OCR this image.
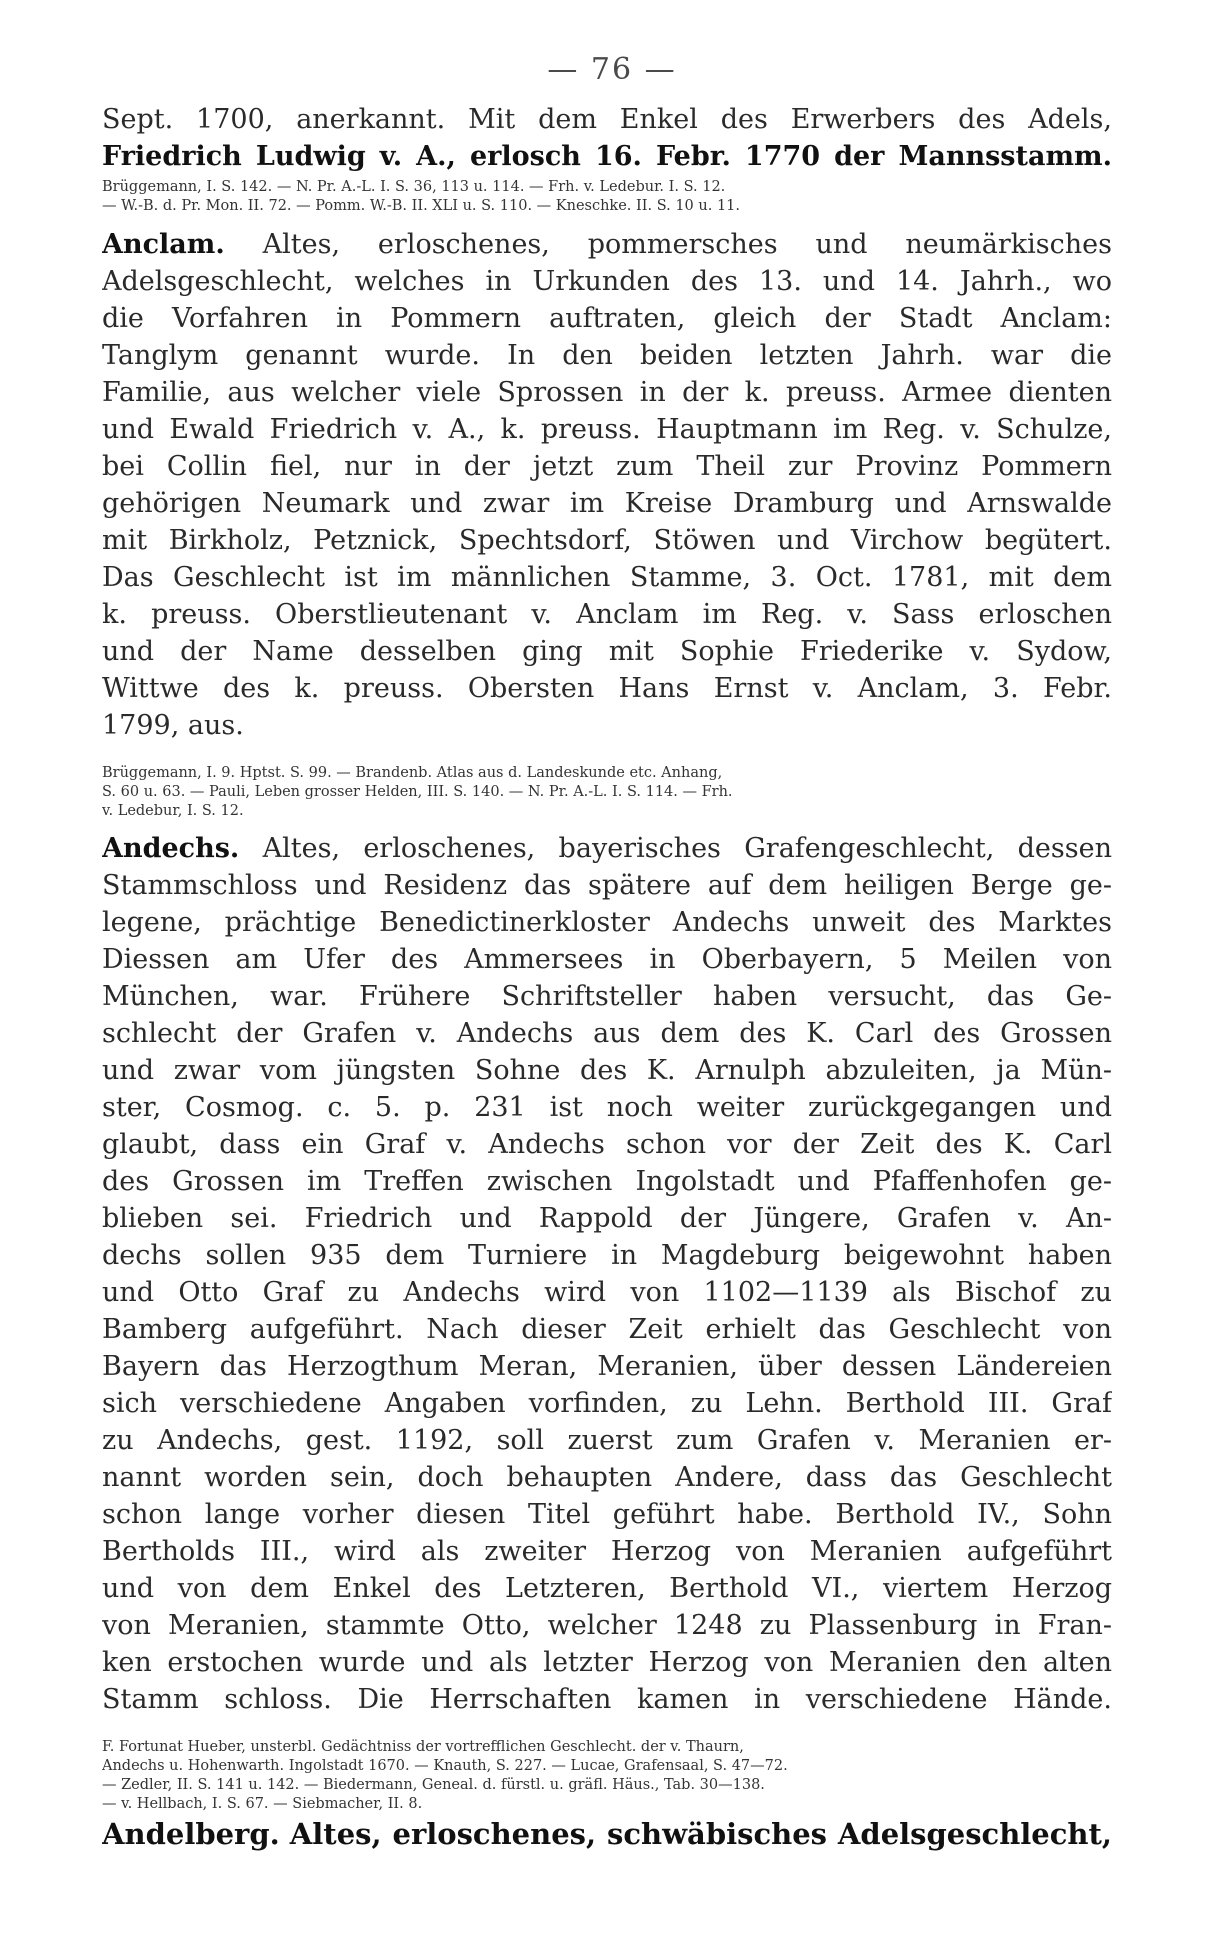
— 76 —
Sept. 1700, anerkannt. Mit dem Enkel des Erwerbers des Adels,
Friedrich Ludwig v. A., erlosch 16. Febr. 1770 der Mannsstamm.
Brüggemann, I. S. 142. — N. Pr. A.-L. I. S. 36, 113 u. 114. — Frh. v. Ledebur. I. S. 12.
— W.-B. d. Pr. Mon. II. 72. — Pomm. W.-B. II. XLI u. S. 110. — Kneschke. II. S. 10 u. 11.
Anclam. Altes, erloschenes, pommersches und neumärkisches
Adelsgeschlecht, welches in Urkunden des 13. und 14. Jahrh., wo
die Vorfahren in Pommern auftraten, gleich der Stadt Anclam:
Tanglym genannt wurde. In den beiden letzten Jahrh. war die
Familie, aus welcher viele Sprossen in der k. preuss. Armee dienten
und Ewald Friedrich v. A., k. preuss. Hauptmann im Reg. v. Schulze,
bei Collin fiel, nur in der jetzt zum Theil zur Provinz Pommern
gehörigen Neumark und zwar im Kreise Dramburg und Arnswalde
mit Birkholz, Petznick, Spechtsdorf, Stöwen und Virchow begütert.
Das Geschlecht ist im männlichen Stamme, 3. Oct. 1781, mit dem
k. preuss. Oberstlieutenant v. Anclam im Reg. v. Sass erloschen
und der Name desselben ging mit Sophie Friederike v. Sydow,
Wittwe des k. preuss. Obersten Hans Ernst v. Anclam, 3. Febr.
1799, aus.
Brüggemann, I. 9. Hptst. S. 99. — Brandenb. Atlas aus d. Landeskunde etc. Anhang,
S. 60 u. 63. — Pauli, Leben grosser Helden, III. S. 140. — N. Pr. A.-L. I. S. 114. — Frh.
v. Ledebur, I. S. 12.
Andechs. Altes, erloschenes, bayerisches Grafengeschlecht, dessen
Stammschloss und Residenz das spätere auf dem heiligen Berge ge-
legene, prächtige Benedictinerkloster Andechs unweit des Marktes
Diessen am Ufer des Ammersees in Oberbayern, 5 Meilen von
München, war. Frühere Schriftsteller haben versucht, das Ge-
schlecht der Grafen v. Andechs aus dem des K. Carl des Grossen
und zwar vom jüngsten Sohne des K. Arnulph abzuleiten, ja Mün-
ster, Cosmog. c. 5. p. 231 ist noch weiter zurückgegangen und
glaubt, dass ein Graf v. Andechs schon vor der Zeit des K. Carl
des Grossen im Treffen zwischen Ingolstadt und Pfaffenhofen ge-
blieben sei. Friedrich und Rappold der Jüngere, Grafen v. An-
dechs sollen 935 dem Turniere in Magdeburg beigewohnt haben
und Otto Graf zu Andechs wird von 1102—1139 als Bischof zu
Bamberg aufgeführt. Nach dieser Zeit erhielt das Geschlecht von
Bayern das Herzogthum Meran, Meranien, über dessen Ländereien
sich verschiedene Angaben vorfinden, zu Lehn. Berthold III. Graf
zu Andechs, gest. 1192, soll zuerst zum Grafen v. Meranien er-
nannt worden sein, doch behaupten Andere, dass das Geschlecht
schon lange vorher diesen Titel geführt habe. Berthold IV., Sohn
Bertholds III., wird als zweiter Herzog von Meranien aufgeführt
und von dem Enkel des Letzteren, Berthold VI., viertem Herzog
von Meranien, stammte Otto, welcher 1248 zu Plassenburg in Fran-
ken erstochen wurde und als letzter Herzog von Meranien den alten
Stamm schloss. Die Herrschaften kamen in verschiedene Hände.
F. Fortunat Hueber, unsterbl. Gedächtniss der vortrefflichen Geschlecht. der v. Thaurn,
Andechs u. Hohenwarth. Ingolstadt 1670. — Knauth, S. 227. — Lucae, Grafensaal, S. 47—72.
— Zedler, II. S. 141 u. 142. — Biedermann, Geneal. d. fürstl. u. gräfl. Häus., Tab. 30—138.
— v. Hellbach, I. S. 67. — Siebmacher, II. 8.
Andelberg. Altes, erloschenes, schwäbisches Adelsgeschlecht,
